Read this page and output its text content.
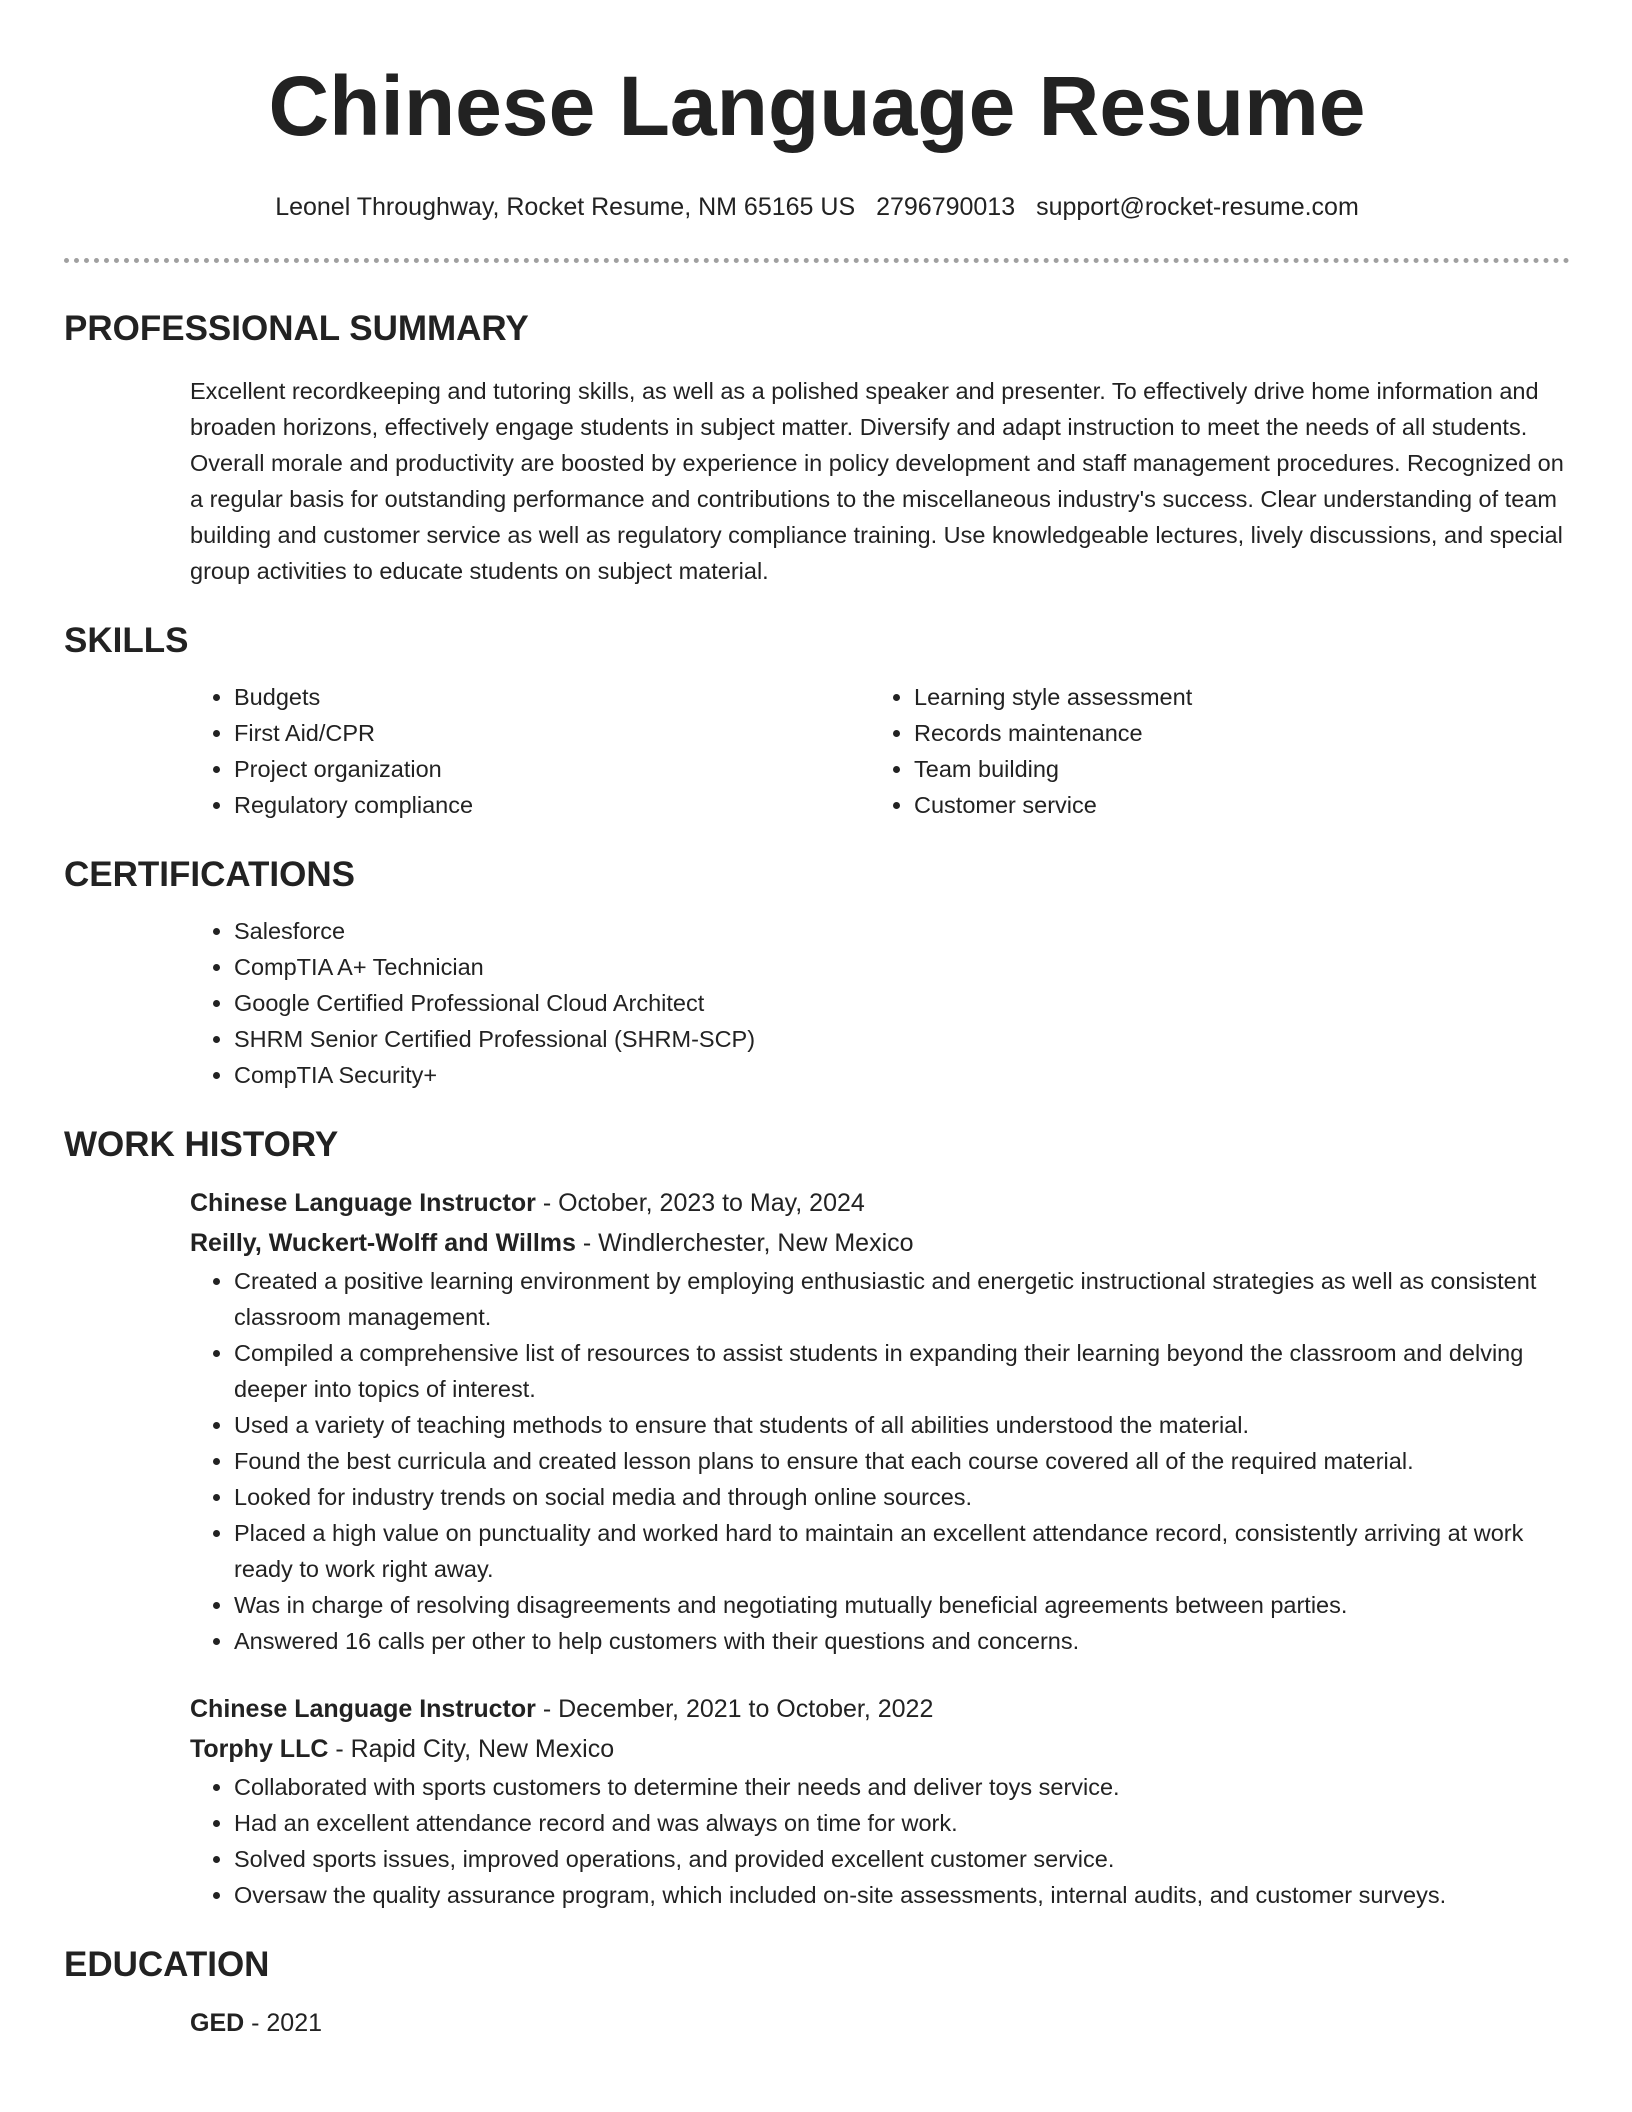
Chinese Language Resume
Leonel Throughway, Rocket Resume, NM 65165 US 2796790013 support@rocket-resume.com
PROFESSIONAL SUMMARY
Excellent recordkeeping and tutoring skills, as well as a polished speaker and presenter. To effectively drive home information and broaden horizons, effectively engage students in subject matter. Diversify and adapt instruction to meet the needs of all students. Overall morale and productivity are boosted by experience in policy development and staff management procedures. Recognized on a regular basis for outstanding performance and contributions to the miscellaneous industry's success. Clear understanding of team building and customer service as well as regulatory compliance training. Use knowledgeable lectures, lively discussions, and special group activities to educate students on subject material.
SKILLS
• Budgets
• First Aid/CPR
• Project organization
• Regulatory compliance
• Learning style assessment
• Records maintenance
• Team building
• Customer service
CERTIFICATIONS
• Salesforce
• CompTIA A+ Technician
• Google Certified Professional Cloud Architect
• SHRM Senior Certified Professional (SHRM-SCP)
• CompTIA Security+
WORK HISTORY
Chinese Language Instructor - October, 2023 to May, 2024
Reilly, Wuckert-Wolff and Willms - Windlerchester, New Mexico
• Created a positive learning environment by employing enthusiastic and energetic instructional strategies as well as consistent classroom management.
• Compiled a comprehensive list of resources to assist students in expanding their learning beyond the classroom and delving deeper into topics of interest.
• Used a variety of teaching methods to ensure that students of all abilities understood the material.
• Found the best curricula and created lesson plans to ensure that each course covered all of the required material.
• Looked for industry trends on social media and through online sources.
• Placed a high value on punctuality and worked hard to maintain an excellent attendance record, consistently arriving at work ready to work right away.
• Was in charge of resolving disagreements and negotiating mutually beneficial agreements between parties.
• Answered 16 calls per other to help customers with their questions and concerns.
Chinese Language Instructor - December, 2021 to October, 2022
Torphy LLC - Rapid City, New Mexico
• Collaborated with sports customers to determine their needs and deliver toys service.
• Had an excellent attendance record and was always on time for work.
• Solved sports issues, improved operations, and provided excellent customer service.
• Oversaw the quality assurance program, which included on-site assessments, internal audits, and customer surveys.
EDUCATION
GED - 2021
